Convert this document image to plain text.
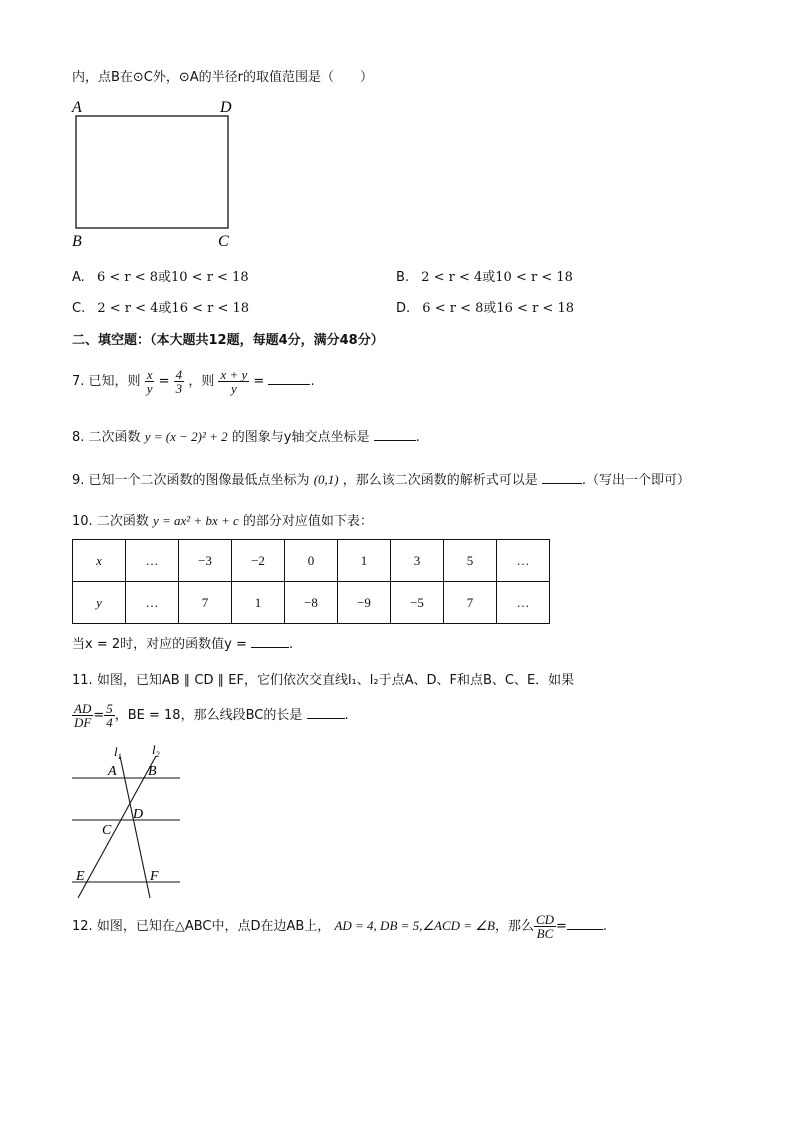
内，点B在⊙C外，⊙A的半径r的取值范围是（　　）
A	D
B	C
A. 6 < r < 8或10 < r < 18	B. 2 < r < 4或10 < r < 18
C. 2 < r < 4或16 < r < 18	D. 6 < r < 8或16 < r < 18
二、填空题：（本大题共12题，每题4分，满分48分）
7. 已知，则 $\frac{x}{y} = \frac{4}{3}$ ，则 $\frac{x + y}{y}$ =	.
8. 二次函数 y = (x − 2)² + 2 的图象与y轴交点坐标是	.
9. 已知一个二次函数的图像最低点坐标为 (0,1) ，那么该二次函数的解析式可以是	.（写出一个即可）
10. 二次函数 y = ax² + bx + c 的部分对应值如下表：
x	…	−3	−2	0	1	3	5	…
y	…	7	1	−8	−9	−5	7	…
当x = 2时，对应的函数值y =	.
11. 如图，已知AB ∥ CD ∥ EF，它们依次交直线l₁、l₂于点A、D、F和点B、C、E．如果
$\frac{AD}{DF} = \frac{5}{4}$ ，BE = 18，那么线段BC的长是	.
$l_1$ $l_2$
A B
C
D
E	F
12. 如图，已知在△ABC中，点D在边AB上， AD = 4, DB = 5,∠ACD = ∠B，那么 $\frac{CD}{BC}$ =	.
